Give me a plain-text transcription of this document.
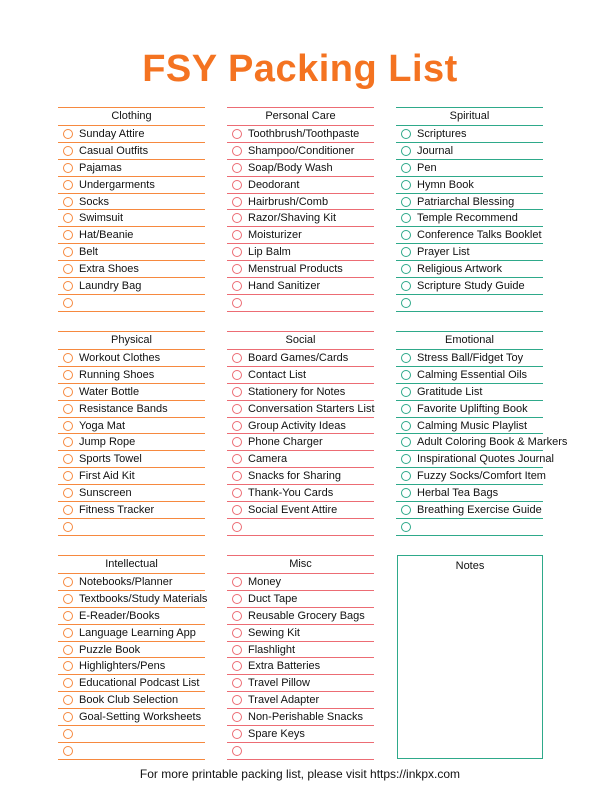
FSY Packing List
Clothing
Sunday Attire
Casual Outfits
Pajamas
Undergarments
Socks
Swimsuit
Hat/Beanie
Belt
Extra Shoes
Laundry Bag
Personal Care
Toothbrush/Toothpaste
Shampoo/Conditioner
Soap/Body Wash
Deodorant
Hairbrush/Comb
Razor/Shaving Kit
Moisturizer
Lip Balm
Menstrual Products
Hand Sanitizer
Spiritual
Scriptures
Journal
Pen
Hymn Book
Patriarchal Blessing
Temple Recommend
Conference Talks Booklet
Prayer List
Religious Artwork
Scripture Study Guide
Physical
Workout Clothes
Running Shoes
Water Bottle
Resistance Bands
Yoga Mat
Jump Rope
Sports Towel
First Aid Kit
Sunscreen
Fitness Tracker
Social
Board Games/Cards
Contact List
Stationery for Notes
Conversation Starters List
Group Activity Ideas
Phone Charger
Camera
Snacks for Sharing
Thank-You Cards
Social Event Attire
Emotional
Stress Ball/Fidget Toy
Calming Essential Oils
Gratitude List
Favorite Uplifting Book
Calming Music Playlist
Adult Coloring Book & Markers
Inspirational Quotes Journal
Fuzzy Socks/Comfort Item
Herbal Tea Bags
Breathing Exercise Guide
Intellectual
Notebooks/Planner
Textbooks/Study Materials
E-Reader/Books
Language Learning App
Puzzle Book
Highlighters/Pens
Educational Podcast List
Book Club Selection
Goal-Setting Worksheets
Misc
Money
Duct Tape
Reusable Grocery Bags
Sewing Kit
Flashlight
Extra Batteries
Travel Pillow
Travel Adapter
Non-Perishable Snacks
Spare Keys
Notes
For more printable packing list, please visit https://inkpx.com
